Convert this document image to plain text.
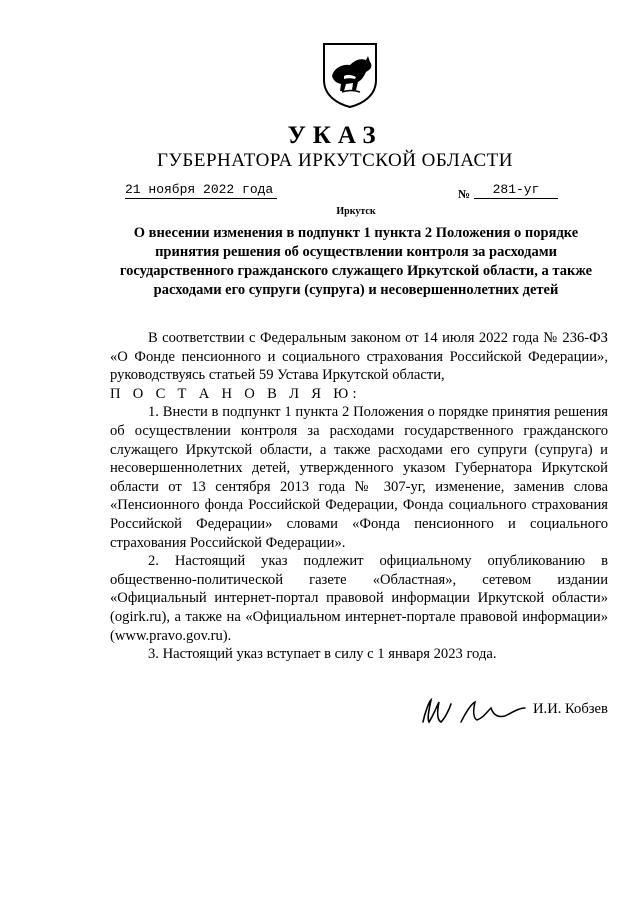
УКАЗ
ГУБЕРНАТОРА ИРКУТСКОЙ ОБЛАСТИ
21 ноября 2022 года	№	281-уг
Иркутск
О внесении изменения в подпункт 1 пункта 2 Положения о порядке
принятия решения об осуществлении контроля за расходами
государственного гражданского служащего Иркутской области, а также
расходами его супруги (супруга) и несовершеннолетних детей

В соответствии с Федеральным законом от 14 июля 2022 года № 236-ФЗ «О Фонде пенсионного и социального страхования Российской Федерации», руководствуясь статьей 59 Устава Иркутской области,

П О С Т А Н О В Л Я Ю:

1. Внести в подпункт 1 пункта 2 Положения о порядке принятия решения об осуществлении контроля за расходами государственного гражданского служащего Иркутской области, а также расходами его супруги (супруга) и несовершеннолетних детей, утвержденного указом Губернатора Иркутской области от 13 сентября 2013 года № 307-уг, изменение, заменив слова «Пенсионного фонда Российской Федерации, Фонда социального страхования Российской Федерации» словами «Фонда пенсионного и социального страхования Российской Федерации».

2. Настоящий указ подлежит официальному опубликованию в общественно-политической газете «Областная», сетевом издании «Официальный интернет-портал правовой информации Иркутской области» (ogirk.ru), а также на «Официальном интернет-портале правовой информации» (www.pravo.gov.ru).

3. Настоящий указ вступает в силу с 1 января 2023 года.

И.И. Кобзев
